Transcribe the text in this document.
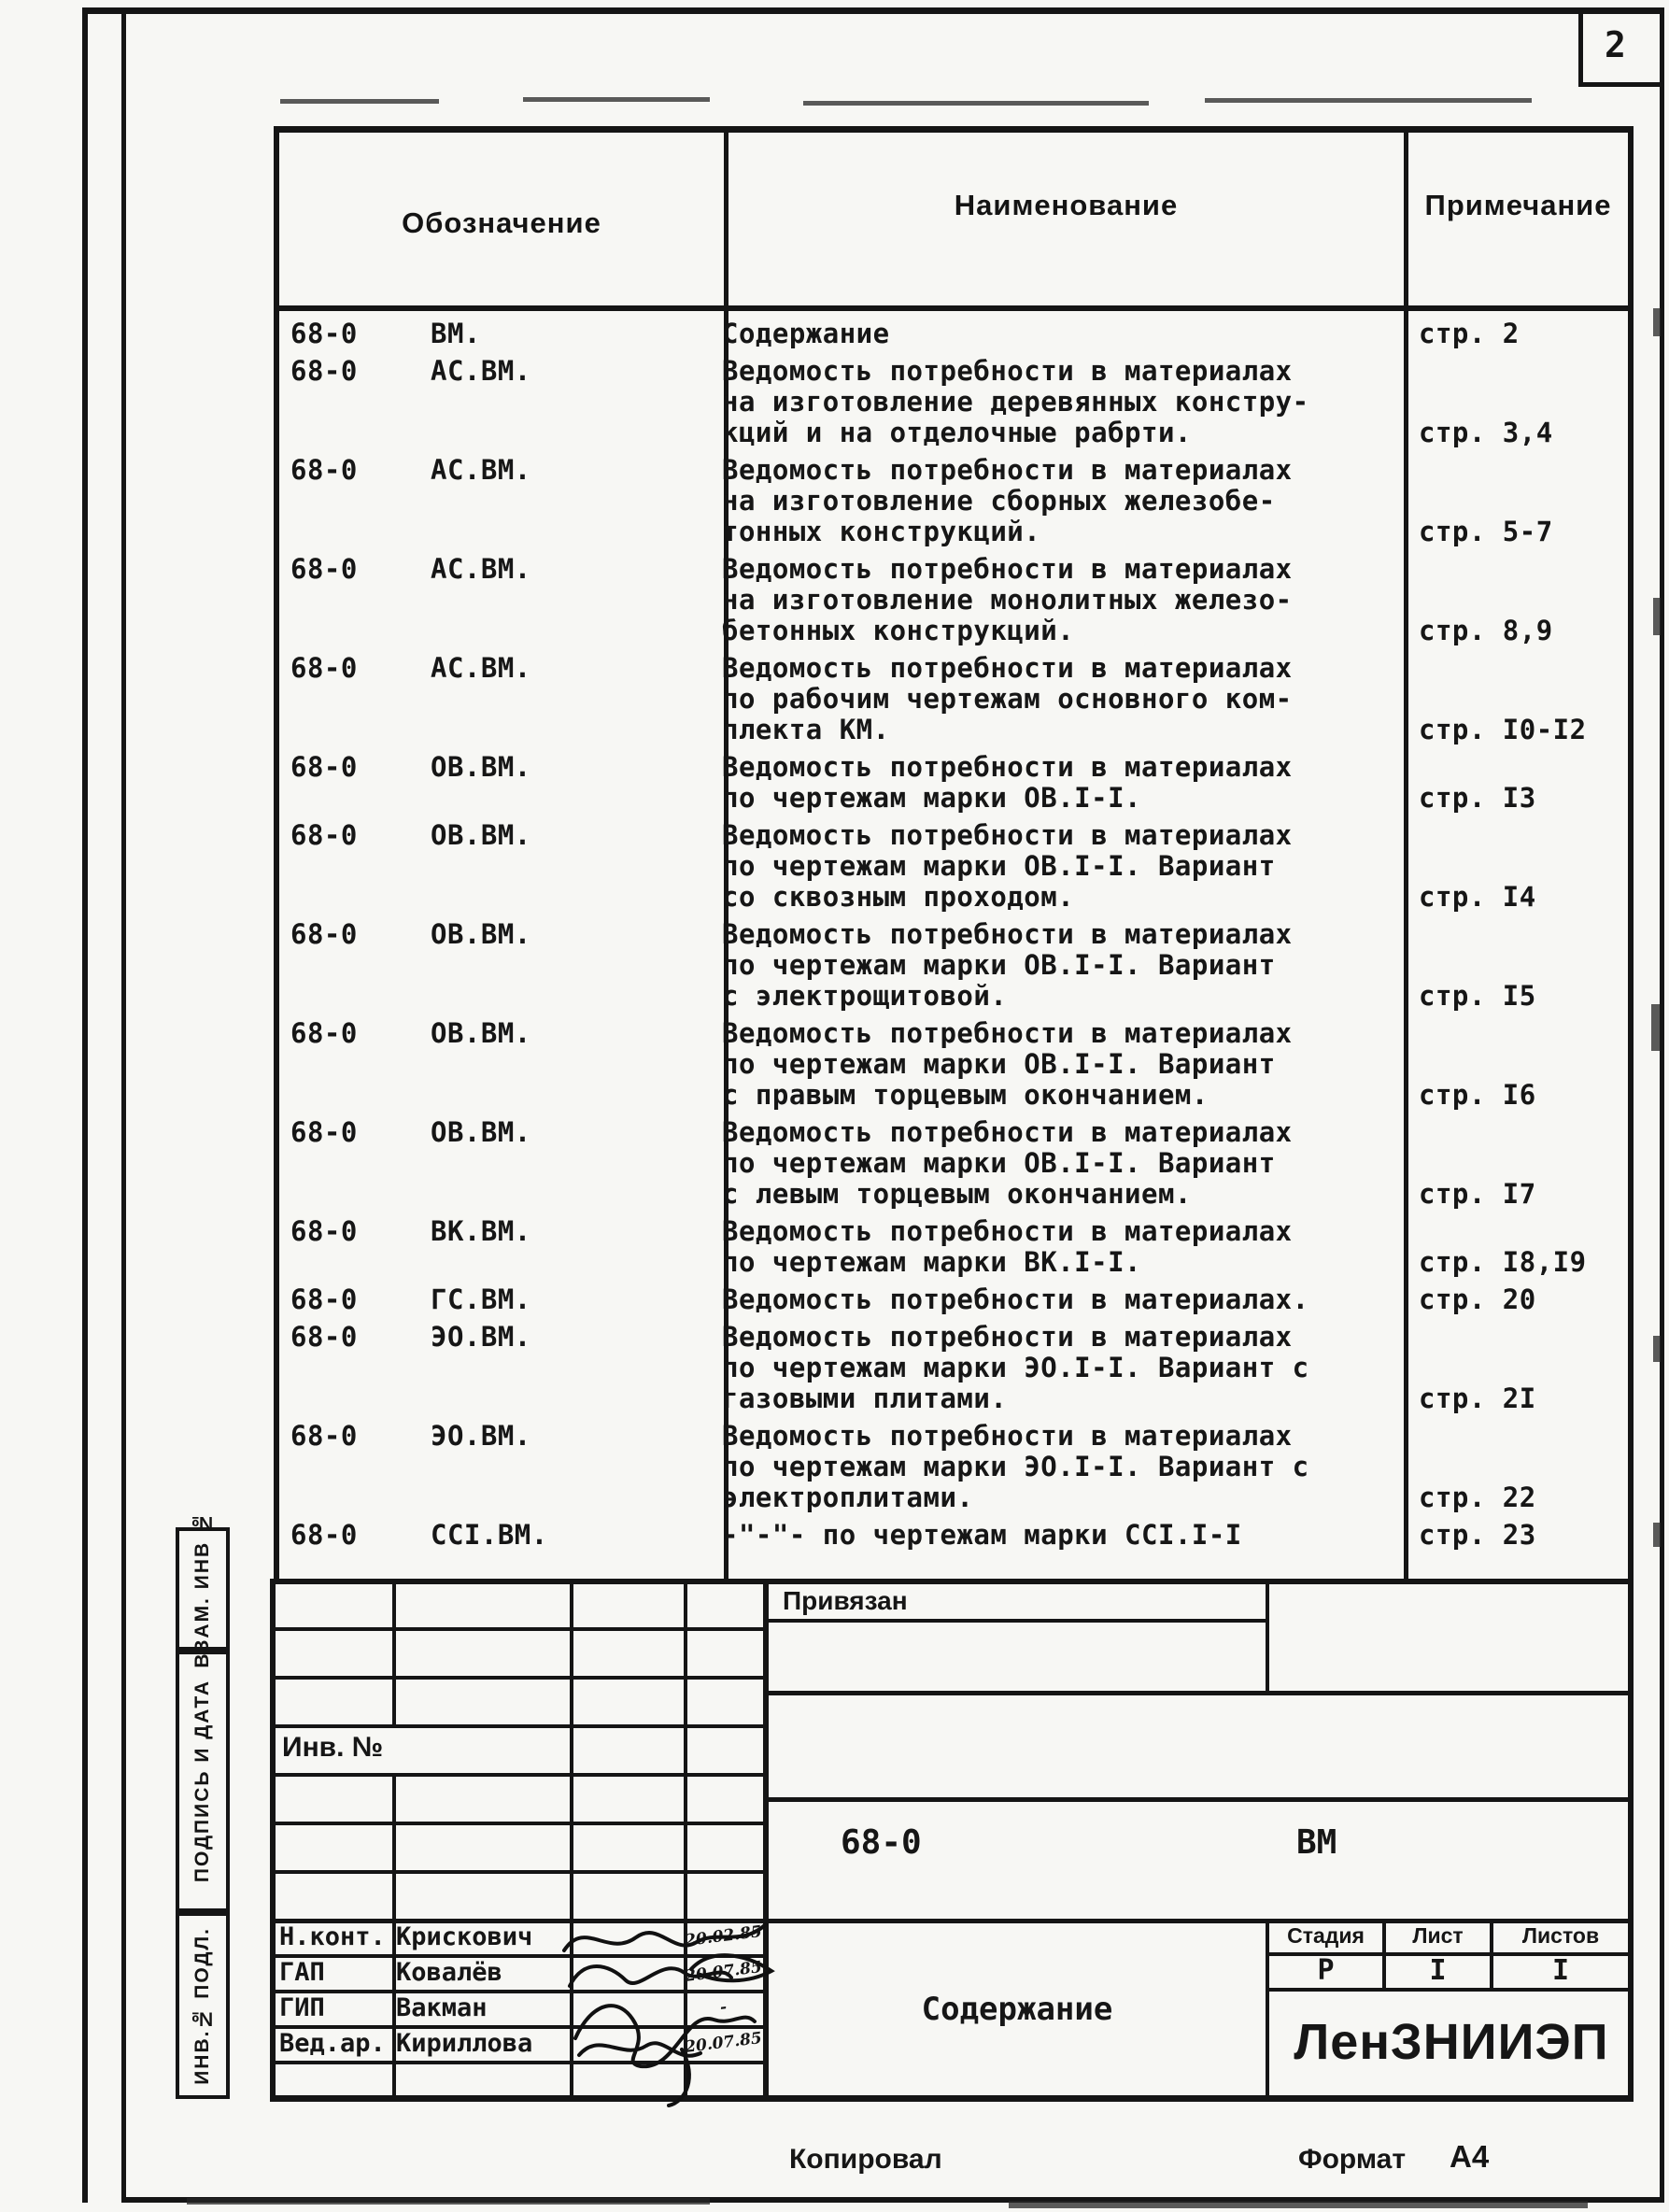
2
Обозначение
Наименование	Примечание
68-0	ВМ.	Содержание	стр. 2
68-0	АС.ВМ.	Ведомость потребности в материалах
на изготовление деревянных констру-
кций и на отделочные рабрти.	стр. 3,4
68-0	АС.ВМ.	Ведомость потребности в материалах
на изготовление сборных железобе-
тонных конструкций.	стр. 5-7
68-0	АС.ВМ.	Ведомость потребности в материалах
на изготовление монолитных железо-
бетонных конструкций.	стр. 8,9
68-0	АС.ВМ.	Ведомость потребности в материалах
по рабочим чертежам основного ком-
плекта КМ.	стр. I0-I2
68-0	ОВ.ВМ.	Ведомость потребности в материалах
по чертежам марки ОВ.I-I.	стр. I3
68-0	ОВ.ВМ.	Ведомость потребности в материалах
по чертежам марки ОВ.I-I. Вариант
со сквозным проходом.	стр. I4
68-0	ОВ.ВМ.	Ведомость потребности в материалах
по чертежам марки ОВ.I-I. Вариант
с электрощитовой.	стр. I5
68-0	ОВ.ВМ.	Ведомость потребности в материалах
по чертежам марки ОВ.I-I. Вариант
с правым торцевым окончанием.	стр. I6
68-0	ОВ.ВМ.	Ведомость потребности в материалах
по чертежам марки ОВ.I-I. Вариант
с левым торцевым окончанием.	стр. I7
68-0	ВК.ВМ.	Ведомость потребности в материалах
по чертежам марки ВК.I-I.	стр. I8,I9
68-0	ГС.ВМ.	Ведомость потребности в материалах.	стр. 20
68-0	ЭО.ВМ.	Ведомость потребности в материалах
по чертежам марки ЭО.I-I. Вариант с
газовыми плитами.	стр. 2I
68-0	ЭО.ВМ.	Ведомость потребности в материалах
по чертежам марки ЭО.I-I. Вариант с
электроплитами.	стр. 22
68-0	ССI.ВМ.	-"-"- по чертежам марки ССI.I-I	стр. 23
ВЗАМ. ИНВ №
ПОДПИСЬ И ДАТА
ИНВ.№ ПОДЛ.
Инв. №
Привязан
68-0	ВМ
Содержание
Стадия Лист	Листов
Р	I	I
ЛенЗНИИЭП
Н.конт. Крискович	20.02.85
ГАП	Ковалёв	20.07.85
ГИП	Вакман	-
Вед.ар. Кириллова	20.07.85
Копировал	Формат А4
